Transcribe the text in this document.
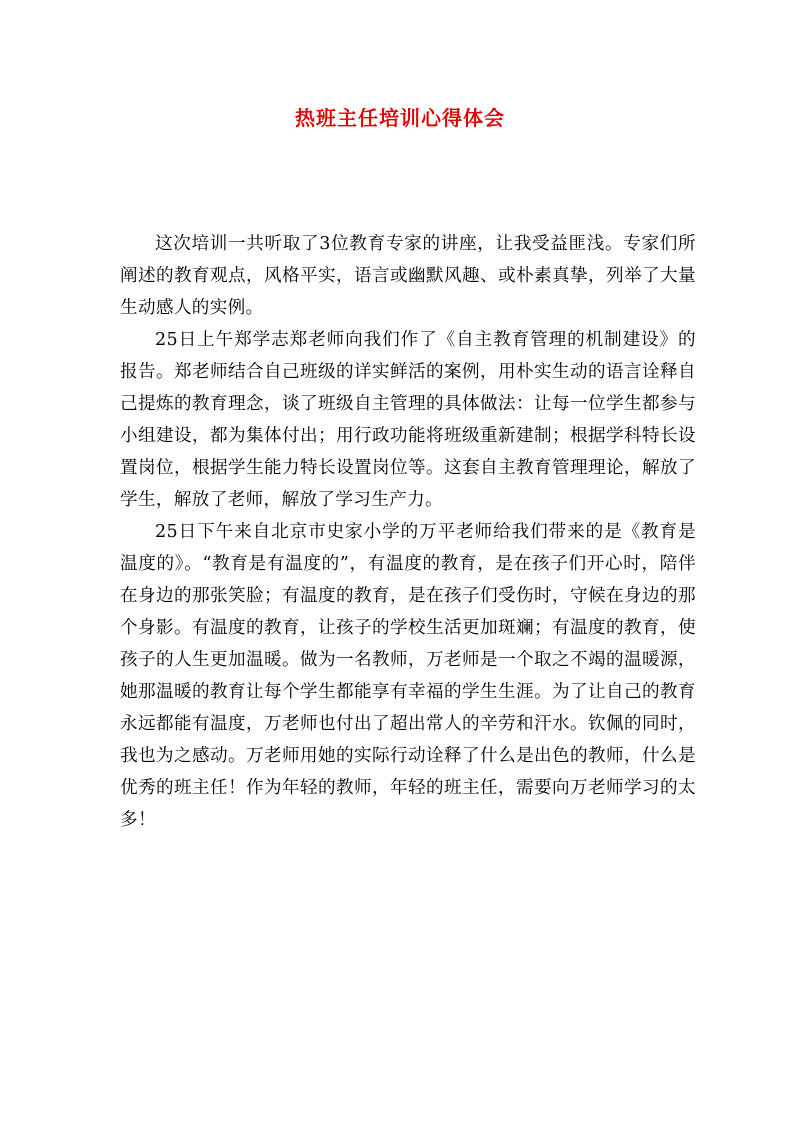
热班主任培训心得体会

这次培训一共听取了3位教育专家的讲座，让我受益匪浅。专家们所阐述的教育观点，风格平实，语言或幽默风趣、或朴素真挚，列举了大量生动感人的实例。

25日上午郑学志郑老师向我们作了《自主教育管理的机制建设》的报告。郑老师结合自己班级的详实鲜活的案例，用朴实生动的语言诠释自己提炼的教育理念，谈了班级自主管理的具体做法：让每一位学生都参与小组建设，都为集体付出；用行政功能将班级重新建制；根据学科特长设置岗位，根据学生能力特长设置岗位等。这套自主教育管理理论，解放了学生，解放了老师，解放了学习生产力。

25日下午来自北京市史家小学的万平老师给我们带来的是《教育是温度的》。“教育是有温度的”，有温度的教育，是在孩子们开心时，陪伴在身边的那张笑脸；有温度的教育，是在孩子们受伤时，守候在身边的那个身影。有温度的教育，让孩子的学校生活更加斑斓；有温度的教育，使孩子的人生更加温暖。做为一名教师，万老师是一个取之不竭的温暖源，她那温暖的教育让每个学生都能享有幸福的学生生涯。为了让自己的教育永远都能有温度，万老师也付出了超出常人的辛劳和汗水。钦佩的同时，我也为之感动。万老师用她的实际行动诠释了什么是出色的教师，什么是优秀的班主任！作为年轻的教师，年轻的班主任，需要向万老师学习的太多！
